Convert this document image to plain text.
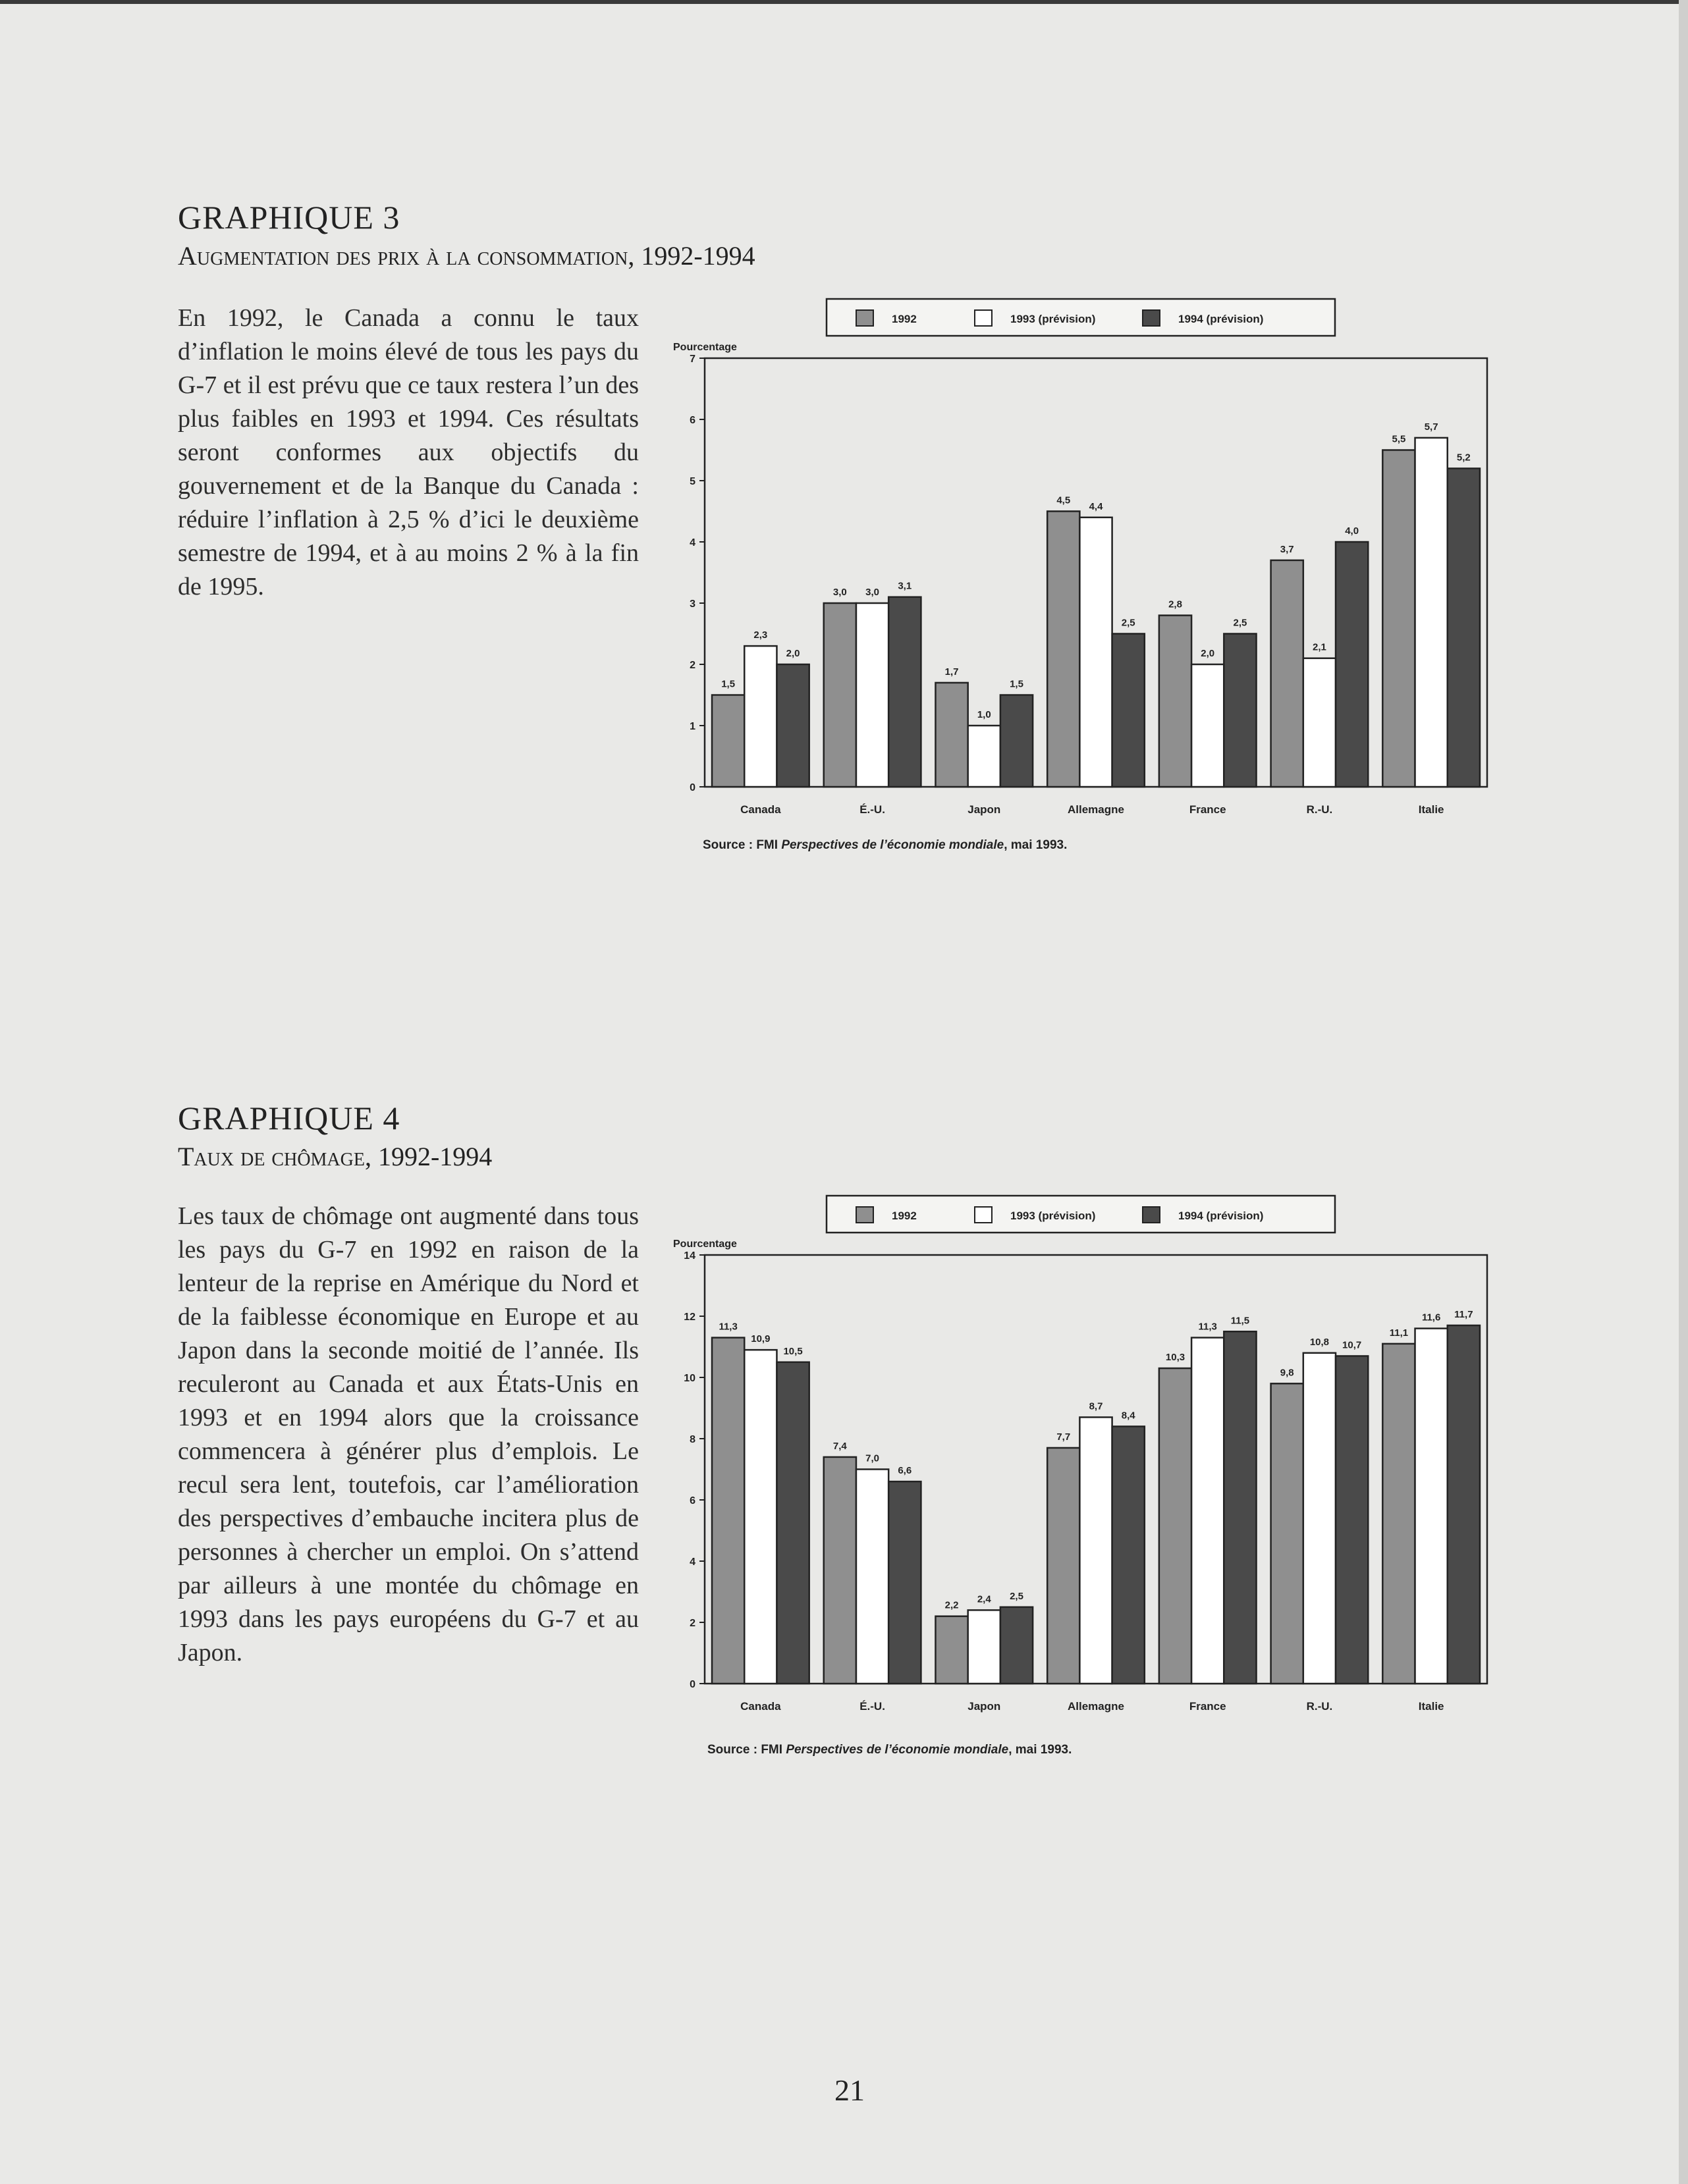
GRAPHIQUE 3

Augmentation des prix à la consommation, 1992-1994

En 1992, le Canada a connu le taux d’inflation le moins élevé de tous les pays du G-7 et il est prévu que ce taux restera l’un des plus faibles en 1993 et 1994. Ces résultats seront conformes aux objectifs du gouvernement et de la Banque du Canada : réduire l’inflation à 2,5 % d’ici le deuxième semestre de 1994, et à au moins 2 % à la fin de 1995.

1992	1993 (prévision)	1994 (prévision)
Pourcentage
0
1
2
3
4
5
6
7
1,5
2,3
2,0
Canada
3,0 3,0
3,1
É.-U.
1,7
1,0
1,5
Japon
4,5
4,4
2,5
Allemagne
2,8
2,0
2,5
France
3,7
2,1
4,0
R.-U.
5,5
5,7
5,2
Italie
Source : FMI Perspectives de l’économie mondiale, mai 1993.
GRAPHIQUE 4

Taux de chômage, 1992-1994

Les taux de chômage ont augmenté dans tous les pays du G-7 en 1992 en raison de la lenteur de la reprise en Amérique du Nord et de la faiblesse économique en Europe et au Japon dans la seconde moitié de l’année. Ils reculeront au Canada et aux États-Unis en 1993 et en 1994 alors que la croissance commencera à générer plus d’emplois. Le recul sera lent, toutefois, car l’amélioration des perspectives d’embauche incitera plus de personnes à chercher un emploi. On s’attend par ailleurs à une montée du chômage en 1993 dans les pays européens du G-7 et au Japon.

1992	1993 (prévision)	1994 (prévision)
Pourcentage
0
2
4
6
8
10
12
14
11,3
10,9
10,5
Canada
7,4
7,0
6,6
É.-U.
2,2
2,4 2,5
Japon
7,7
8,7
8,4
Allemagne
10,3
11,3
11,5
France
9,8
10,8 10,7
R.-U.
11,1
11,6 11,7
Italie
Source : FMI Perspectives de l’économie mondiale, mai 1993.
21
